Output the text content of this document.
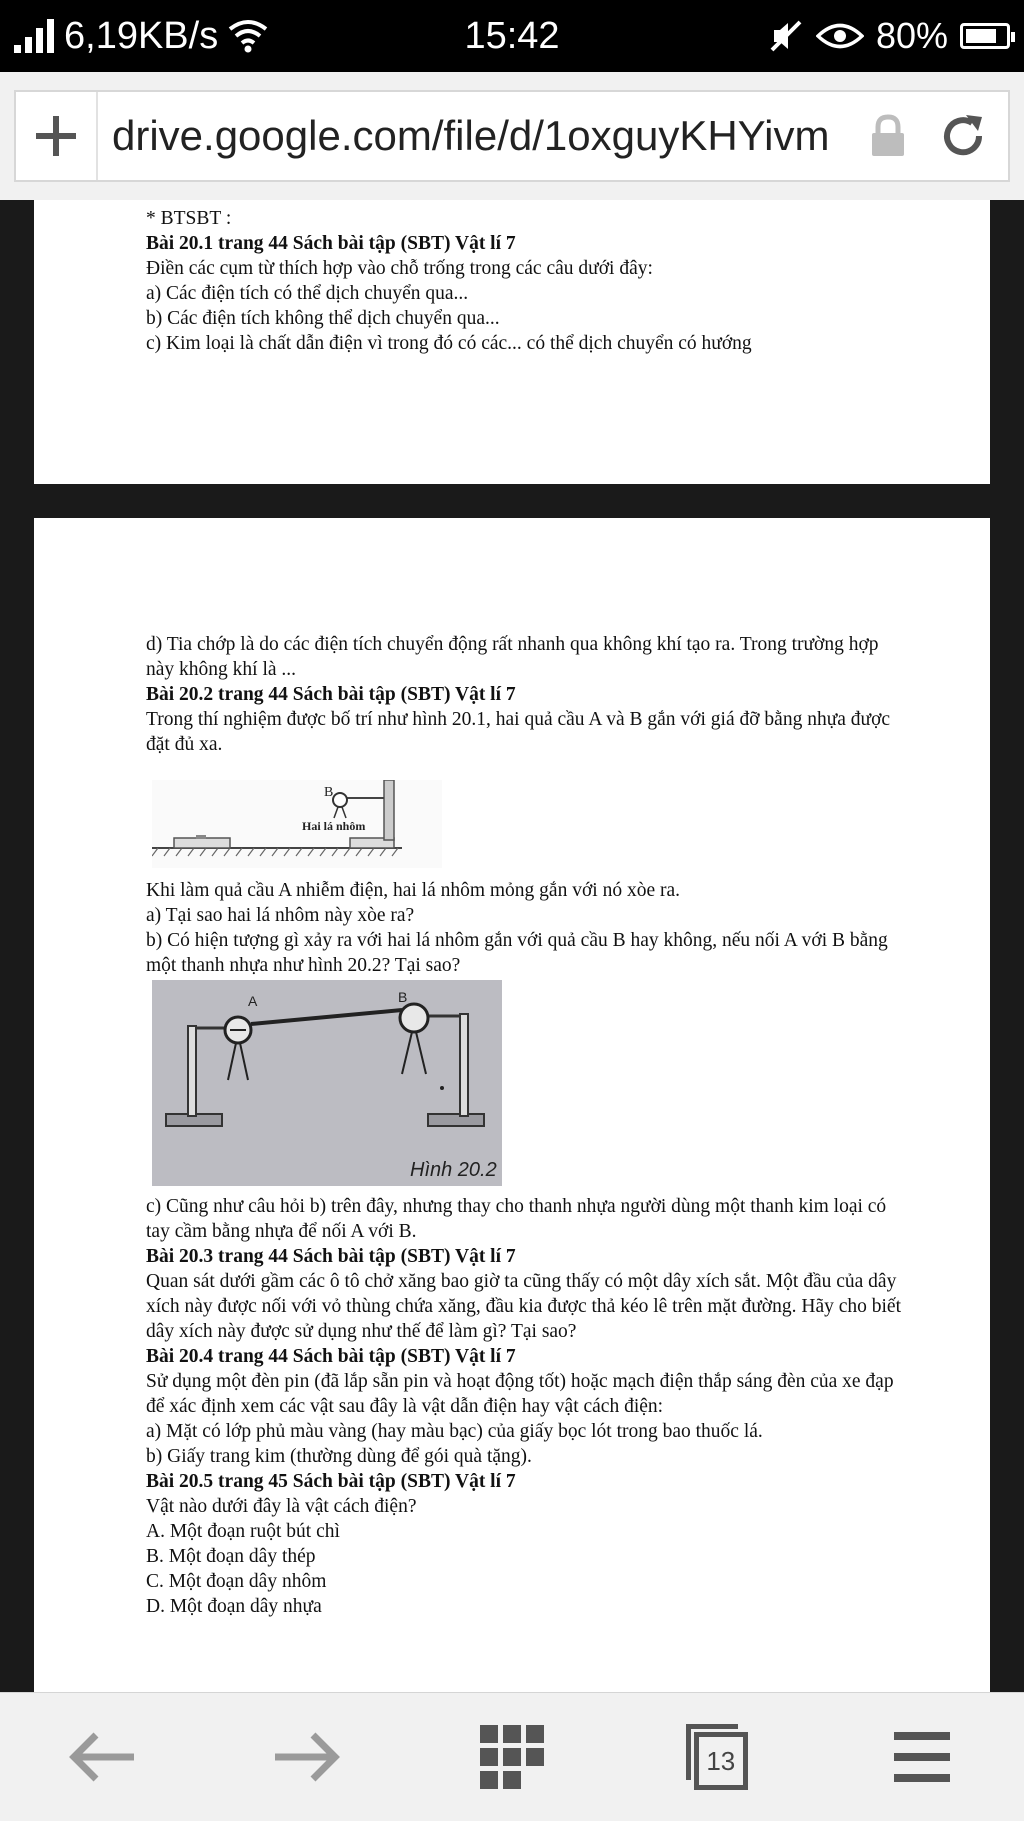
6,19KB/s	15:42	80%
drive.google.com/file/d/1oxguyKHYivm

* BTSBT :

Bài 20.1 trang 44 Sách bài tập (SBT) Vật lí 7

Điền các cụm từ thích hợp vào chỗ trống trong các câu dưới đây:

a) Các điện tích có thể dịch chuyển qua...

b) Các điện tích không thể dịch chuyển qua...

c) Kim loại là chất dẫn điện vì trong đó có các... có thể dịch chuyển có hướng

d) Tia chớp là do các điện tích chuyển động rất nhanh qua không khí tạo ra. Trong trường hợp này không khí là ...

Bài 20.2 trang 44 Sách bài tập (SBT) Vật lí 7

Trong thí nghiệm được bố trí như hình 20.1, hai quả cầu A và B gắn với giá đỡ bằng nhựa được đặt đủ xa.

B
Hai lá nhôm

Khi làm quả cầu A nhiễm điện, hai lá nhôm mỏng gắn với nó xòe ra.

a) Tại sao hai lá nhôm này xòe ra?

b) Có hiện tượng gì xảy ra với hai lá nhôm gắn với quả cầu B hay không, nếu nối A với B bằng một thanh nhựa như hình 20.2? Tại sao?

A	B
Hình 20.2

c) Cũng như câu hỏi b) trên đây, nhưng thay cho thanh nhựa người dùng một thanh kim loại có tay cầm bằng nhựa để nối A với B.

Bài 20.3 trang 44 Sách bài tập (SBT) Vật lí 7

Quan sát dưới gầm các ô tô chở xăng bao giờ ta cũng thấy có một dây xích sắt. Một đầu của dây xích này được nối với vỏ thùng chứa xăng, đầu kia được thả kéo lê trên mặt đường. Hãy cho biết dây xích này được sử dụng như thế để làm gì? Tại sao?

Bài 20.4 trang 44 Sách bài tập (SBT) Vật lí 7

Sử dụng một đèn pin (đã lắp sẵn pin và hoạt động tốt) hoặc mạch điện thắp sáng đèn của xe đạp để xác định xem các vật sau đây là vật dẫn điện hay vật cách điện:

a) Mặt có lớp phủ màu vàng (hay màu bạc) của giấy bọc lót trong bao thuốc lá.

b) Giấy trang kim (thường dùng để gói quà tặng).

Bài 20.5 trang 45 Sách bài tập (SBT) Vật lí 7

Vật nào dưới đây là vật cách điện?

A. Một đoạn ruột bút chì

B. Một đoạn dây thép

C. Một đoạn dây nhôm

D. Một đoạn dây nhựa

13
